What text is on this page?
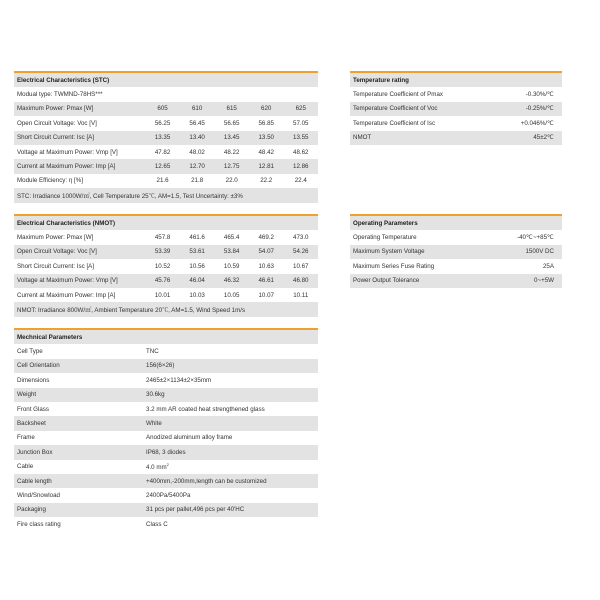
Electrical Characteristics (STC)
Modual type: TWMND-78HS***
Maximum Power: Pmax [W]	605	610	615	620	625
Open Circuit Voltage: Voc [V]	56.25	56.45	56.65	56.85	57.05
Short Circuit Current: Isc [A]	13.35	13.40	13.45	13.50	13.55
Voltage at Maximum Power: Vmp [V]	47.82	48.02	48.22	48.42	48.62
Current at Maximum Power: Imp [A]	12.65	12.70	12.75	12.81	12.86
Module Efficiency: η [%]	21.6	21.8	22.0	22.2	22.4
STC: Irradiance 1000W/㎡, Cell Temperature 25℃, AM=1.5, Test Uncertainty: ±3%
Temperature rating
Temperature Coefficient of Pmax	-0.30%/℃
Temperature Coefficient of Voc	-0.25%/℃
Temperature Coefficient of Isc	+0.046%/℃
NMOT	45±2℃
Electrical Characteristics (NMOT)
Maximum Power: Pmax [W]	457.8	461.6	465.4	469.2	473.0
Open Circuit Voltage: Voc [V]	53.39	53.61	53.84	54.07	54.26
Short Circuit Current: Isc [A]	10.52	10.56	10.59	10.63	10.67
Voltage at Maximum Power: Vmp [V]	45.76	46.04	46.32	46.61	46.80
Current at Maximum Power: Imp [A]	10.01	10.03	10.05	10.07	10.11
NMOT: Irradiance 800W/㎡, Ambient Temperature 20℃, AM=1.5, Wind Speed 1m/s
Operating Parameters
Operating Temperature	-40℃~+85℃
Maximum System Voltage	1500V DC
Maximum Series Fuse Rating	25A
Power Output Tolerance	0~+5W
Mechnical Parameters
Cell Type	TNC
Cell Orientation	156(6×26)
Dimensions	2465±2×1134±2×35mm
Weight	30.6kg
Front Glass	3.2 mm AR coated heat strengthened glass
Backsheet	White
Frame	Anodized aluminum alloy frame
Junction Box	IP68, 3 diodes
Cable	4.0 $mm^2$
Cable length	+400mm,-200mm,length can be customized
Wind/Snowload	2400Pa/5400Pa
Packaging	31 pcs per pallet,496 pcs per 40'HC
Fire class rating	Class C
